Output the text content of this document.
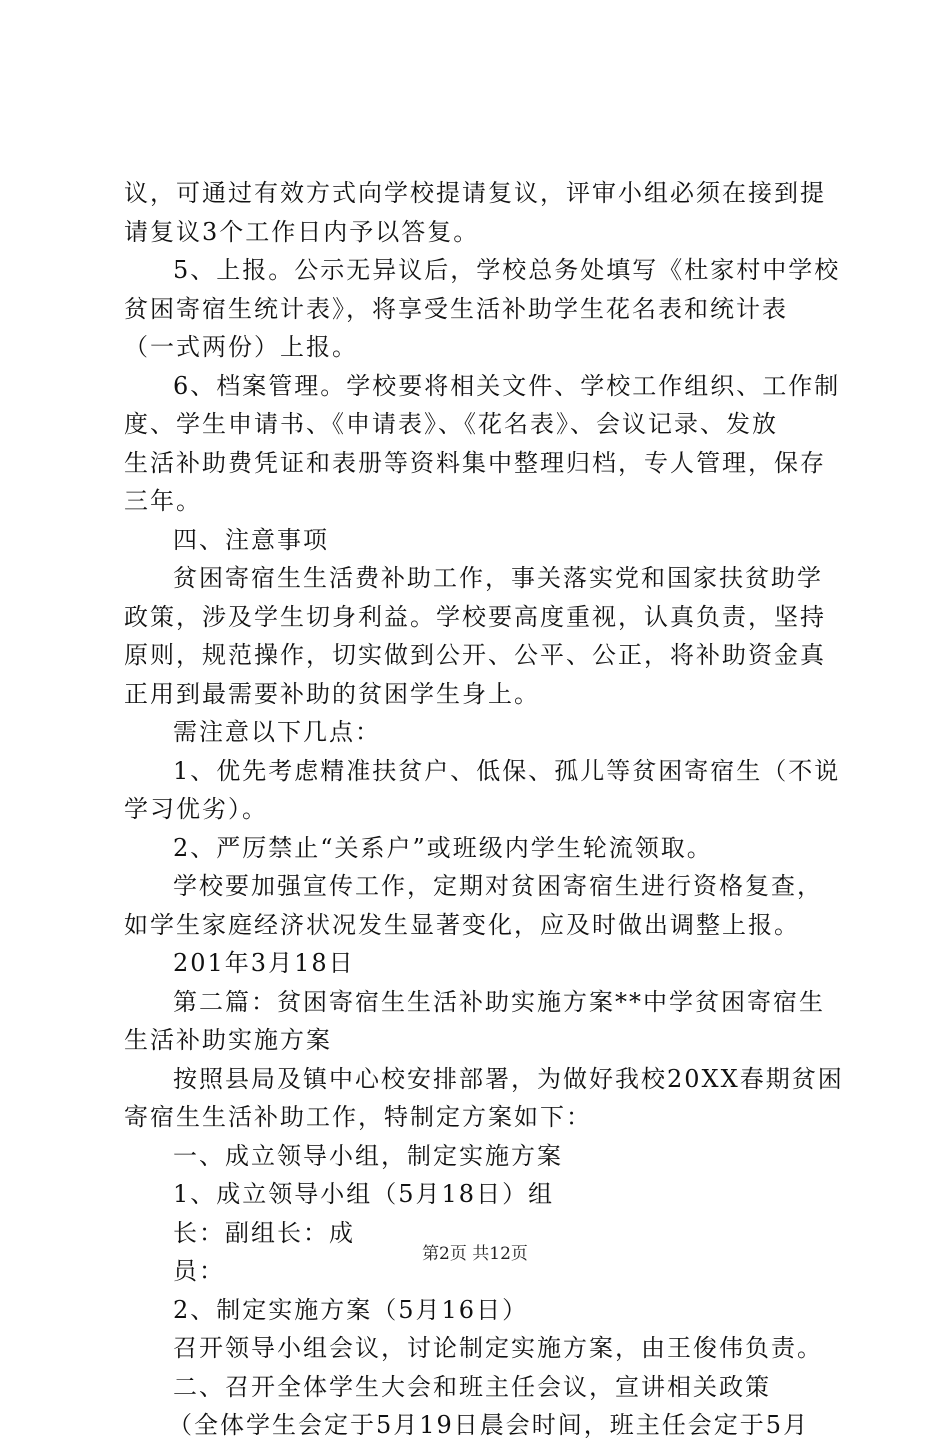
议，可通过有效方式向学校提请复议，评审小组必须在接到提
请复议3个工作日内予以答复。
5、上报。公示无异议后，学校总务处填写《杜家村中学校
贫困寄宿生统计表》，将享受生活补助学生花名表和统计表
（一式两份）上报。
6、档案管理。学校要将相关文件、学校工作组织、工作制
度、学生申请书、《申请表》、《花名表》、会议记录、发放
生活补助费凭证和表册等资料集中整理归档，专人管理，保存
三年。
四、注意事项
贫困寄宿生生活费补助工作，事关落实党和国家扶贫助学
政策，涉及学生切身利益。学校要高度重视，认真负责，坚持
原则，规范操作，切实做到公开、公平、公正，将补助资金真
正用到最需要补助的贫困学生身上。
需注意以下几点：
1、优先考虑精准扶贫户、低保、孤儿等贫困寄宿生（不说
学习优劣）。
2、严厉禁止“关系户”或班级内学生轮流领取。
学校要加强宣传工作，定期对贫困寄宿生进行资格复查，
如学生家庭经济状况发生显著变化，应及时做出调整上报。
201年3月18日
第二篇：贫困寄宿生生活补助实施方案**中学贫困寄宿生
生活补助实施方案
按照县局及镇中心校安排部署，为做好我校20XX春期贫困
寄宿生生活补助工作，特制定方案如下：
一、成立领导小组，制定实施方案
1、成立领导小组（5月18日）组
长：副组长：成
员：
2、制定实施方案（5月16日）
召开领导小组会议，讨论制定实施方案，由王俊伟负责。
二、召开全体学生大会和班主任会议，宣讲相关政策
（全体学生会定于5月19日晨会时间，班主任会定于5月
第2页 共12页
